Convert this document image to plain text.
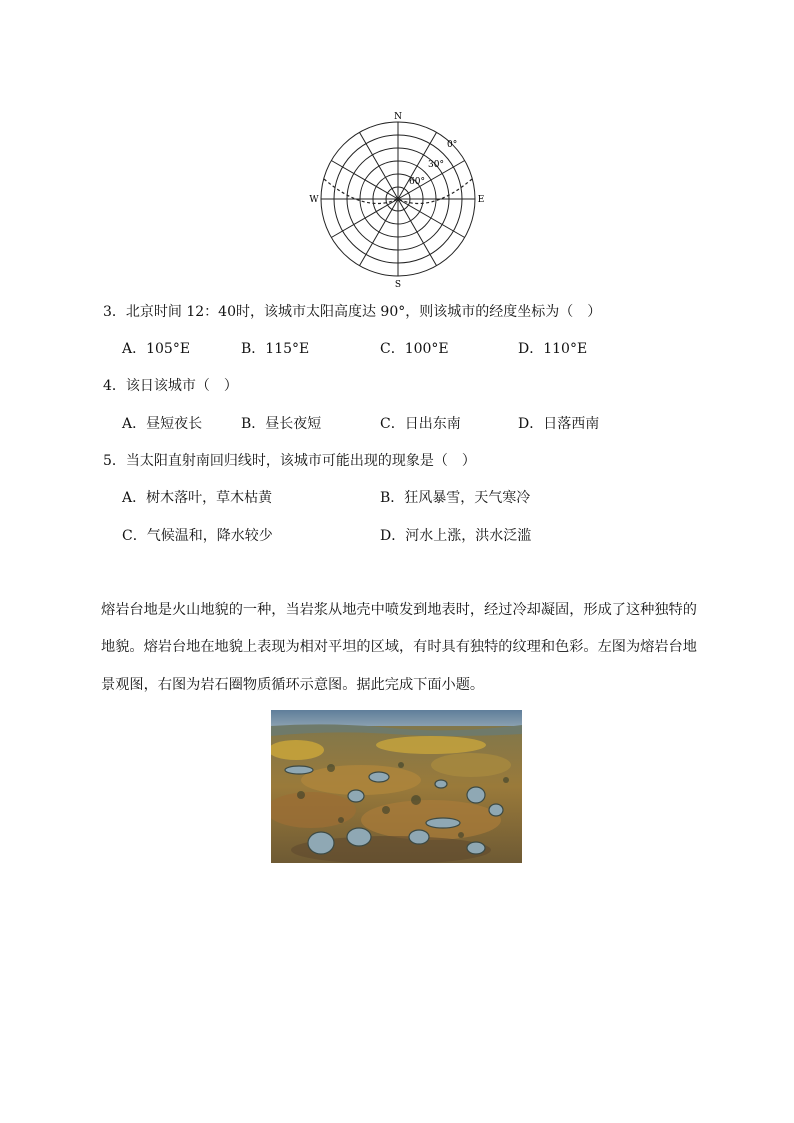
N
S
E
W
0°
30°
60°
3．北京时间 12：40时，该城市太阳高度达 90°，则该城市的经度坐标为（　）
A．105°E	B．115°E	C．100°E	D．110°E
4．该日该城市（　）
A．昼短夜长	B．昼长夜短	C．日出东南	D．日落西南
5．当太阳直射南回归线时，该城市可能出现的现象是（　）
A．树木落叶，草木枯黄	B．狂风暴雪，天气寒冷
C．气候温和，降水较少	D．河水上涨，洪水泛滥
熔岩台地是火山地貌的一种，当岩浆从地壳中喷发到地表时，经过冷却凝固，形成了这种独特的
地貌。熔岩台地在地貌上表现为相对平坦的区域，有时具有独特的纹理和色彩。左图为熔岩台地
景观图，右图为岩石圈物质循环示意图。据此完成下面小题。
